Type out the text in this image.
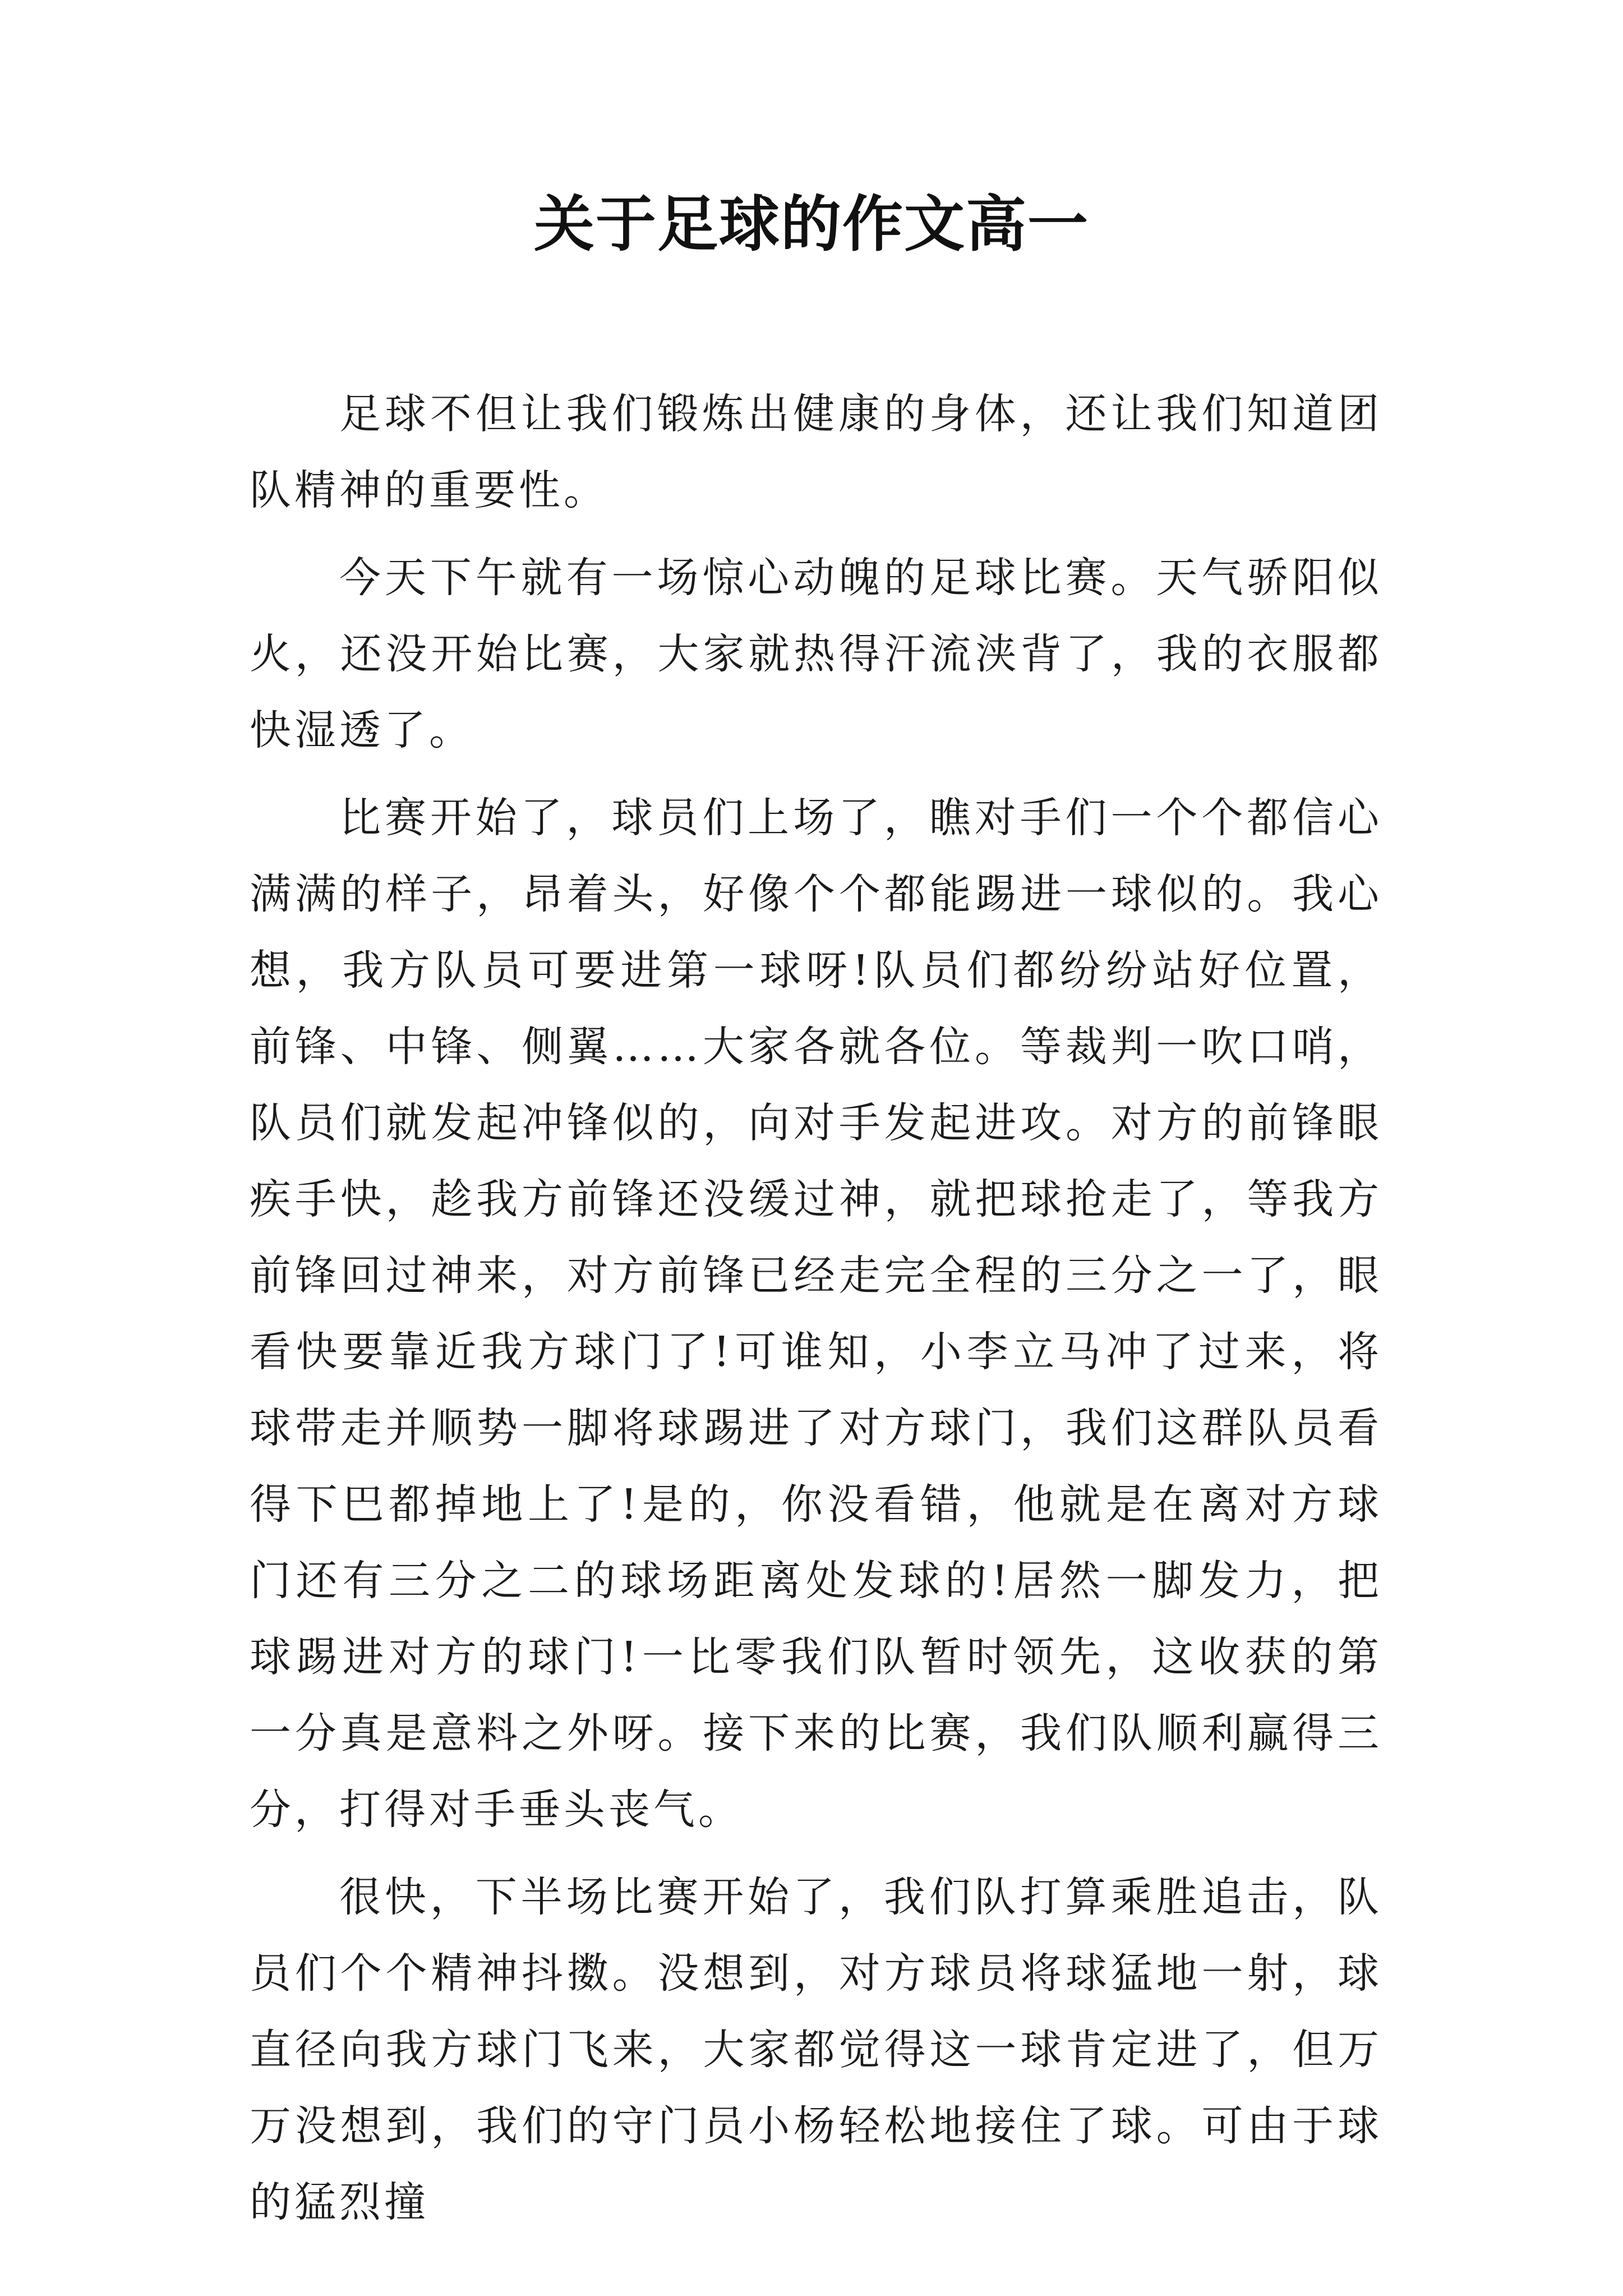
关于足球的作文高一

足球不但让我们锻炼出健康的身体，还让我们知道团队精神的重要性。

今天下午就有一场惊心动魄的足球比赛。天气骄阳似火，还没开始比赛，大家就热得汗流浃背了，我的衣服都快湿透了。

比赛开始了，球员们上场了，瞧对手们一个个都信心满满的样子，昂着头，好像个个都能踢进一球似的。我心想，我方队员可要进第一球呀!队员们都纷纷站好位置，前锋、中锋、侧翼……大家各就各位。等裁判一吹口哨，队员们就发起冲锋似的，向对手发起进攻。对方的前锋眼疾手快，趁我方前锋还没缓过神，就把球抢走了，等我方前锋回过神来，对方前锋已经走完全程的三分之一了，眼看快要靠近我方球门了!可谁知，小李立马冲了过来，将球带走并顺势一脚将球踢进了对方球门，我们这群队员看得下巴都掉地上了!是的，你没看错，他就是在离对方球门还有三分之二的球场距离处发球的!居然一脚发力，把球踢进对方的球门!一比零我们队暂时领先，这收获的第一分真是意料之外呀。接下来的比赛，我们队顺利赢得三分，打得对手垂头丧气。

很快，下半场比赛开始了，我们队打算乘胜追击，队员们个个精神抖擞。没想到，对方球员将球猛地一射，球直径向我方球门飞来，大家都觉得这一球肯定进了，但万万没想到，我们的守门员小杨轻松地接住了球。可由于球的猛烈撞
